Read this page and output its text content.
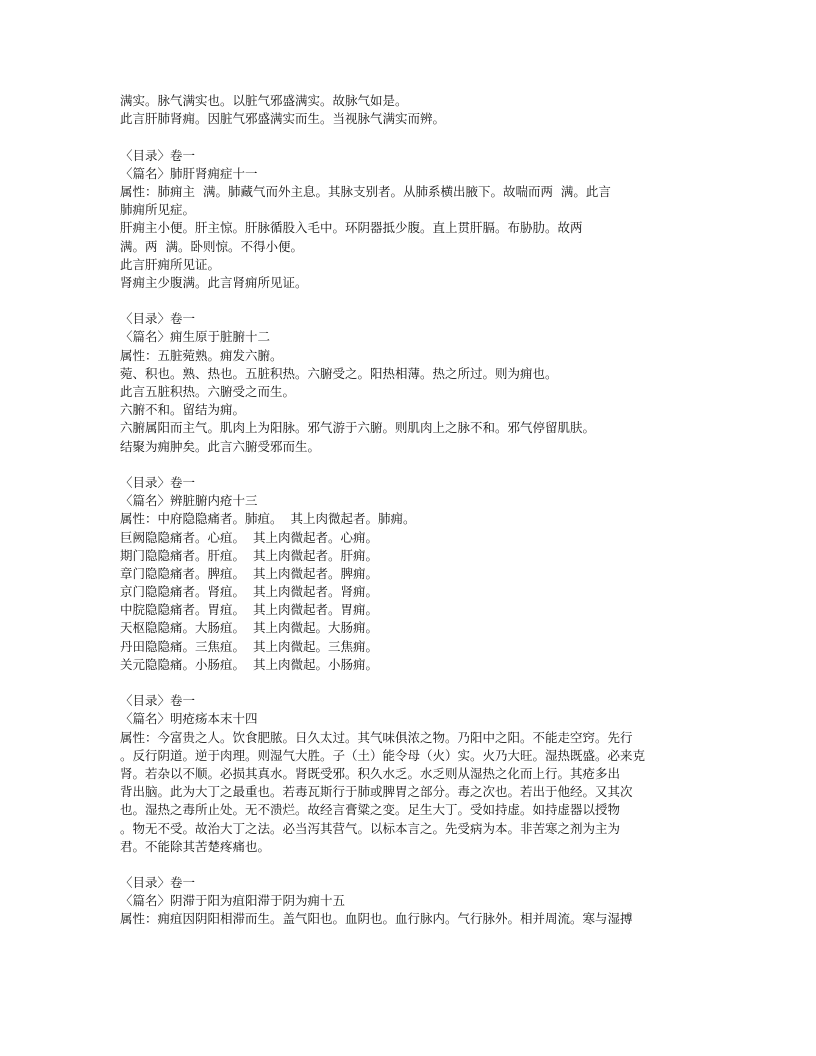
满实。脉气满实也。以脏气邪盛满实。故脉气如是。
此言肝肺肾痈。因脏气邪盛满实而生。当视脉气满实而辨。
〈目录〉卷一
〈篇名〉肺肝肾痈症十一
属性：肺痈主  满。肺藏气而外主息。其脉支别者。从肺系横出腋下。故喘而两  满。此言
肺痈所见症。
肝痈主小便。肝主惊。肝脉循股入毛中。环阴器抵少腹。直上贯肝膈。布胁肋。故两
满。两  满。卧则惊。不得小便。
此言肝痈所见证。
肾痈主少腹满。此言肾痈所见证。
〈目录〉卷一
〈篇名〉痈生原于脏腑十二
属性：五脏菀熟。痈发六腑。
菀、积也。熟、热也。五脏积热。六腑受之。阳热相薄。热之所过。则为痈也。
此言五脏积热。六腑受之而生。
六腑不和。留结为痈。
六腑属阳而主气。肌肉上为阳脉。邪气游于六腑。则肌肉上之脉不和。邪气停留肌肤。
结聚为痈肿矣。此言六腑受邪而生。
〈目录〉卷一
〈篇名〉辨脏腑内疮十三
属性：中府隐隐痛者。肺疽。  其上肉微起者。肺痈。
巨阙隐隐痛者。心疽。  其上肉微起者。心痈。
期门隐隐痛者。肝疽。  其上肉微起者。肝痈。
章门隐隐痛者。脾疽。  其上肉微起者。脾痈。
京门隐隐痛者。肾疽。  其上肉微起者。肾痈。
中脘隐隐痛者。胃疽。  其上肉微起者。胃痈。
天枢隐隐痛。大肠疽。  其上肉微起。大肠痈。
丹田隐隐痛。三焦疽。  其上肉微起。三焦痈。
关元隐隐痛。小肠疽。  其上肉微起。小肠痈。
〈目录〉卷一
〈篇名〉明疮疡本末十四
属性：今富贵之人。饮食肥脓。日久太过。其气味俱浓之物。乃阳中之阳。不能走空窍。先行
。反行阴道。逆于肉理。则湿气大胜。子（土）能令母（火）实。火乃大旺。湿热既盛。必来克
肾。若杂以不顺。必损其真水。肾既受邪。积久水乏。水乏则从湿热之化而上行。其疮多出
背出脑。此为大丁之最重也。若毒瓦斯行于肺或脾胃之部分。毒之次也。若出于他经。又其次
也。湿热之毒所止处。无不溃烂。故经言膏粱之变。足生大丁。受如持虚。如持虚器以授物
。物无不受。故治大丁之法。必当泻其营气。以标本言之。先受病为本。非苦寒之剂为主为
君。不能除其苦楚疼痛也。
〈目录〉卷一
〈篇名〉阴滞于阳为疽阳滞于阴为痈十五
属性：痈疽因阴阳相滞而生。盖气阳也。血阴也。血行脉内。气行脉外。相并周流。寒与湿搏
